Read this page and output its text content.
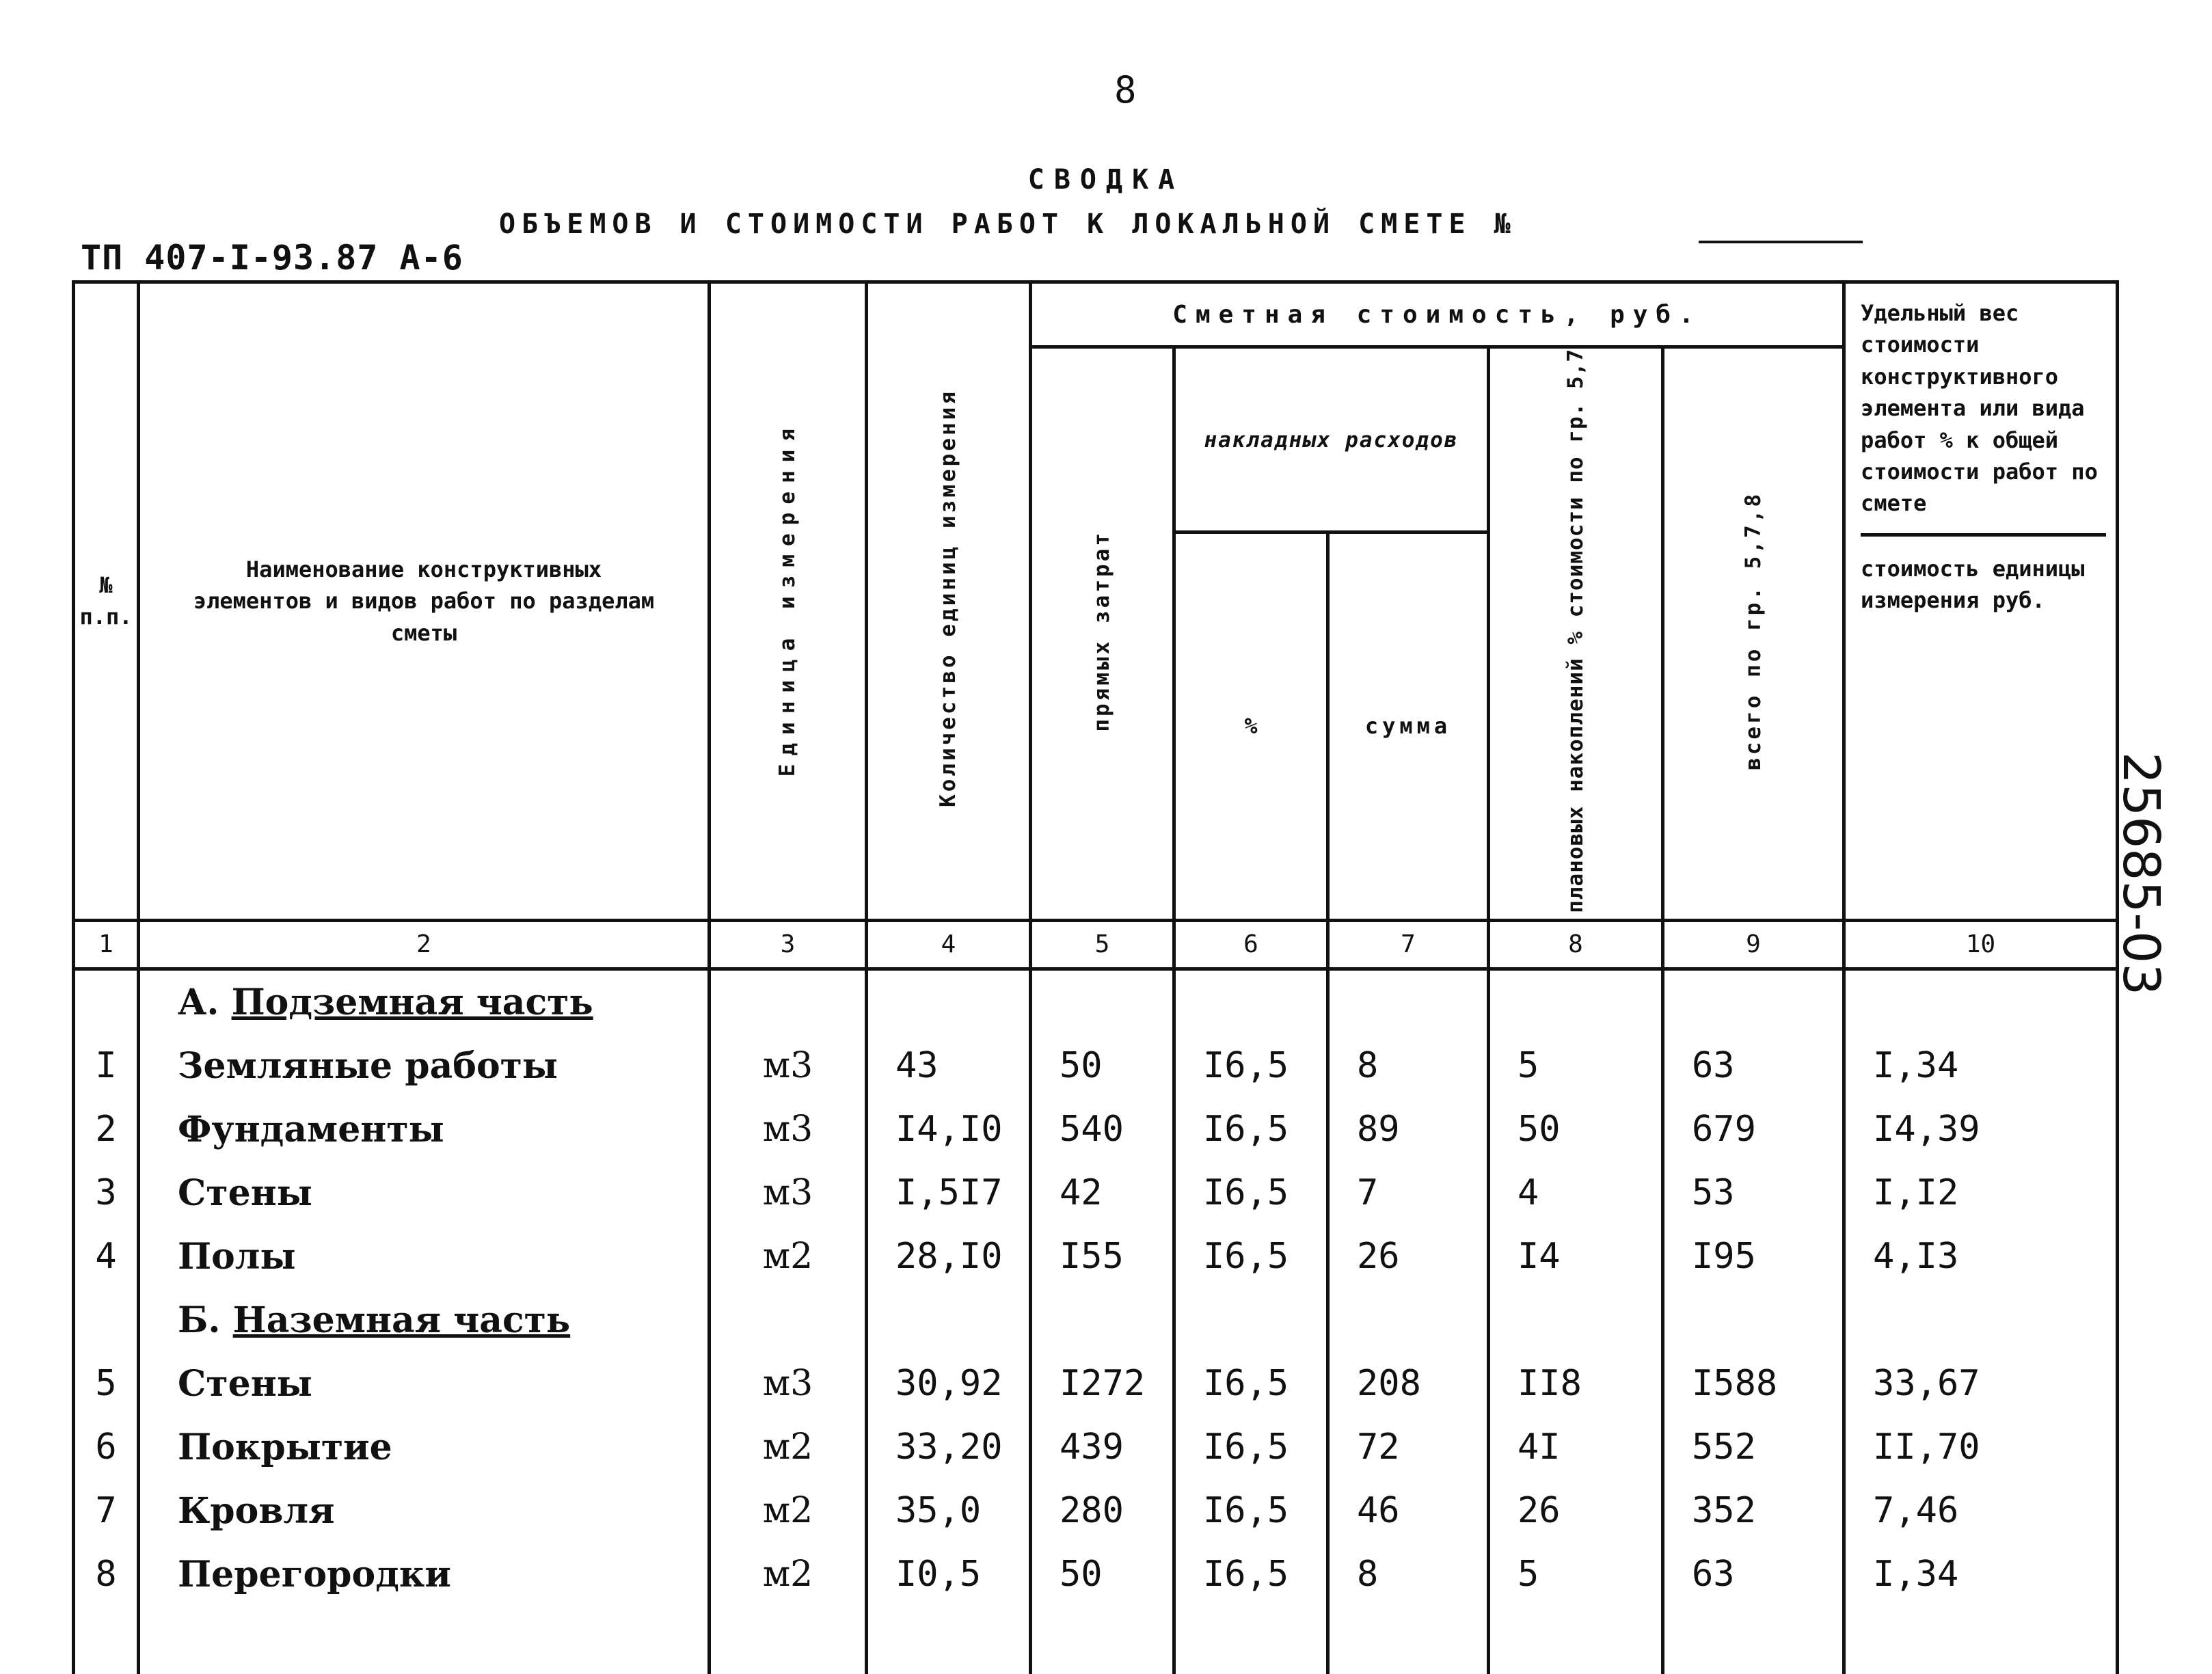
8
СВОДКА
ОБЪЕМОВ И СТОИМОСТИ РАБОТ К ЛОКАЛЬНОЙ СМЕТЕ №
ТП 407-I-93.87 А-6
25685-03
№ п.п.	Наименование конструктивных элементов и видов работ по разделам сметы	Единица измерения	Количество единиц измерения	Сметная стоимость, руб.					Удельный вес стоимости конструктивного элемента или вида работ % к общей стоимости работ по смете
стоимость единицы измерения руб.

				прямых затрат	накладных расходов		плановых накоплений % стоимости по гр. 5,7	всего по гр. 5,7,8	
					%	сумма			
1	2	3	4	5	6	7	8	9	10
	А. Подземная часть								
I	Земляные работы	м3	43	50	I6,5	8	5	63	I,34
2	Фундаменты	м3	I4,I0	540	I6,5	89	50	679	I4,39
3	Стены	м3	I,5I7	42	I6,5	7	4	53	I,I2
4	Полы	м2	28,I0	I55	I6,5	26	I4	I95	4,I3
	Б. Наземная часть								
5	Стены	м3	30,92	I272	I6,5	208	II8	I588	33,67
6	Покрытие	м2	33,20	439	I6,5	72	4I	552	II,70
7	Кровля	м2	35,0	280	I6,5	46	26	352	7,46
8	Перегородки	м2	I0,5	50	I6,5	8	5	63	I,34
